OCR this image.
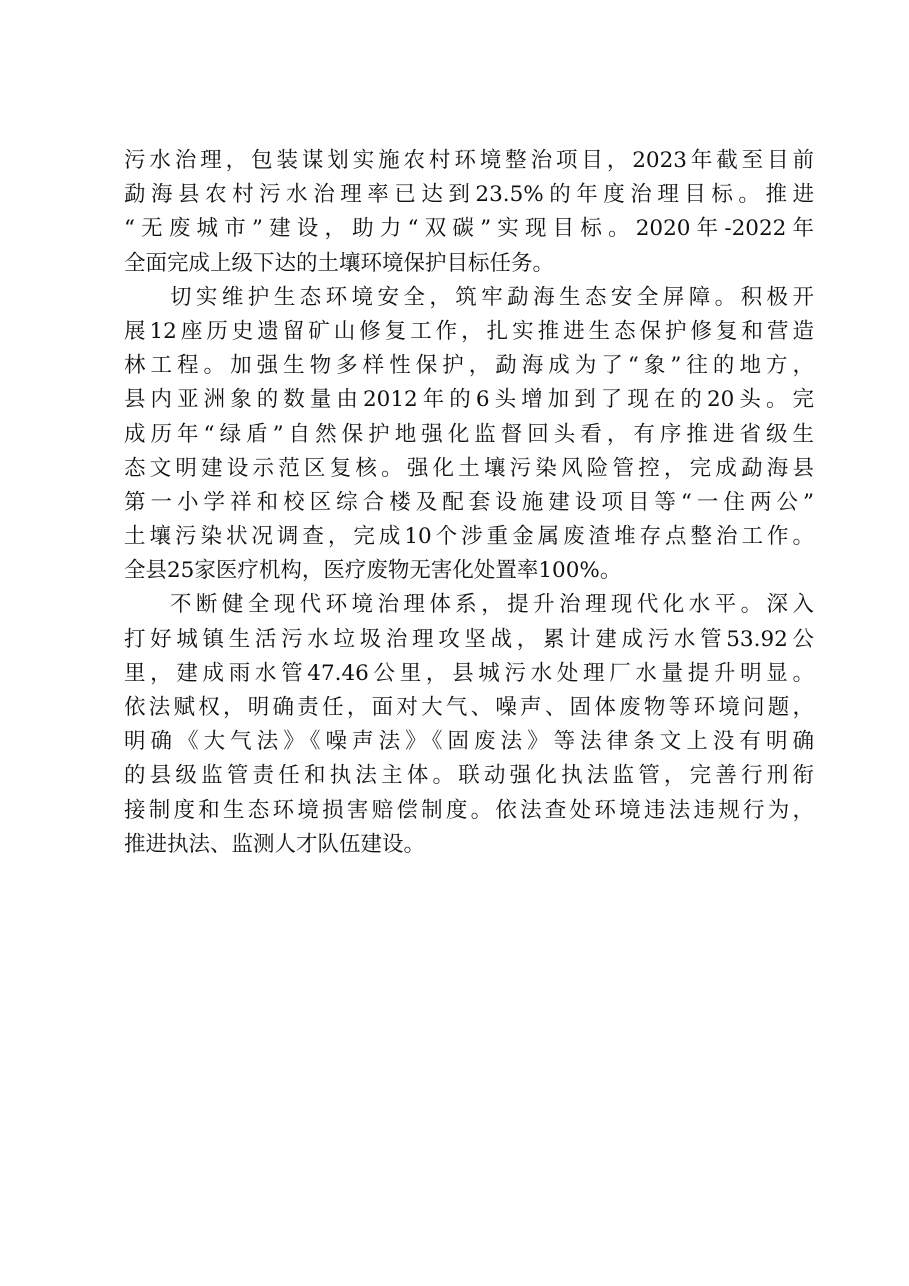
污水治理，包装谋划实施农村环境整治项目，2023年截至目前
勐海县农村污水治理率已达到23.5%的年度治理目标。推进
“无废城市”建设，助力“双碳”实现目标。2020年-2022年
全面完成上级下达的土壤环境保护目标任务。
切实维护生态环境安全，筑牢勐海生态安全屏障。积极开
展12座历史遗留矿山修复工作，扎实推进生态保护修复和营造
林工程。加强生物多样性保护，勐海成为了“象”往的地方，
县内亚洲象的数量由2012年的6头增加到了现在的20头。完
成历年“绿盾”自然保护地强化监督回头看，有序推进省级生
态文明建设示范区复核。强化土壤污染风险管控，完成勐海县
第一小学祥和校区综合楼及配套设施建设项目等“一住两公”
土壤污染状况调查，完成10个涉重金属废渣堆存点整治工作。
全县25家医疗机构，医疗废物无害化处置率100%。
不断健全现代环境治理体系，提升治理现代化水平。深入
打好城镇生活污水垃圾治理攻坚战，累计建成污水管53.92公
里，建成雨水管47.46公里，县城污水处理厂水量提升明显。
依法赋权，明确责任，面对大气、噪声、固体废物等环境问题，
明确《大气法》《噪声法》《固废法》等法律条文上没有明确
的县级监管责任和执法主体。联动强化执法监管，完善行刑衔
接制度和生态环境损害赔偿制度。依法查处环境违法违规行为，
推进执法、监测人才队伍建设。
